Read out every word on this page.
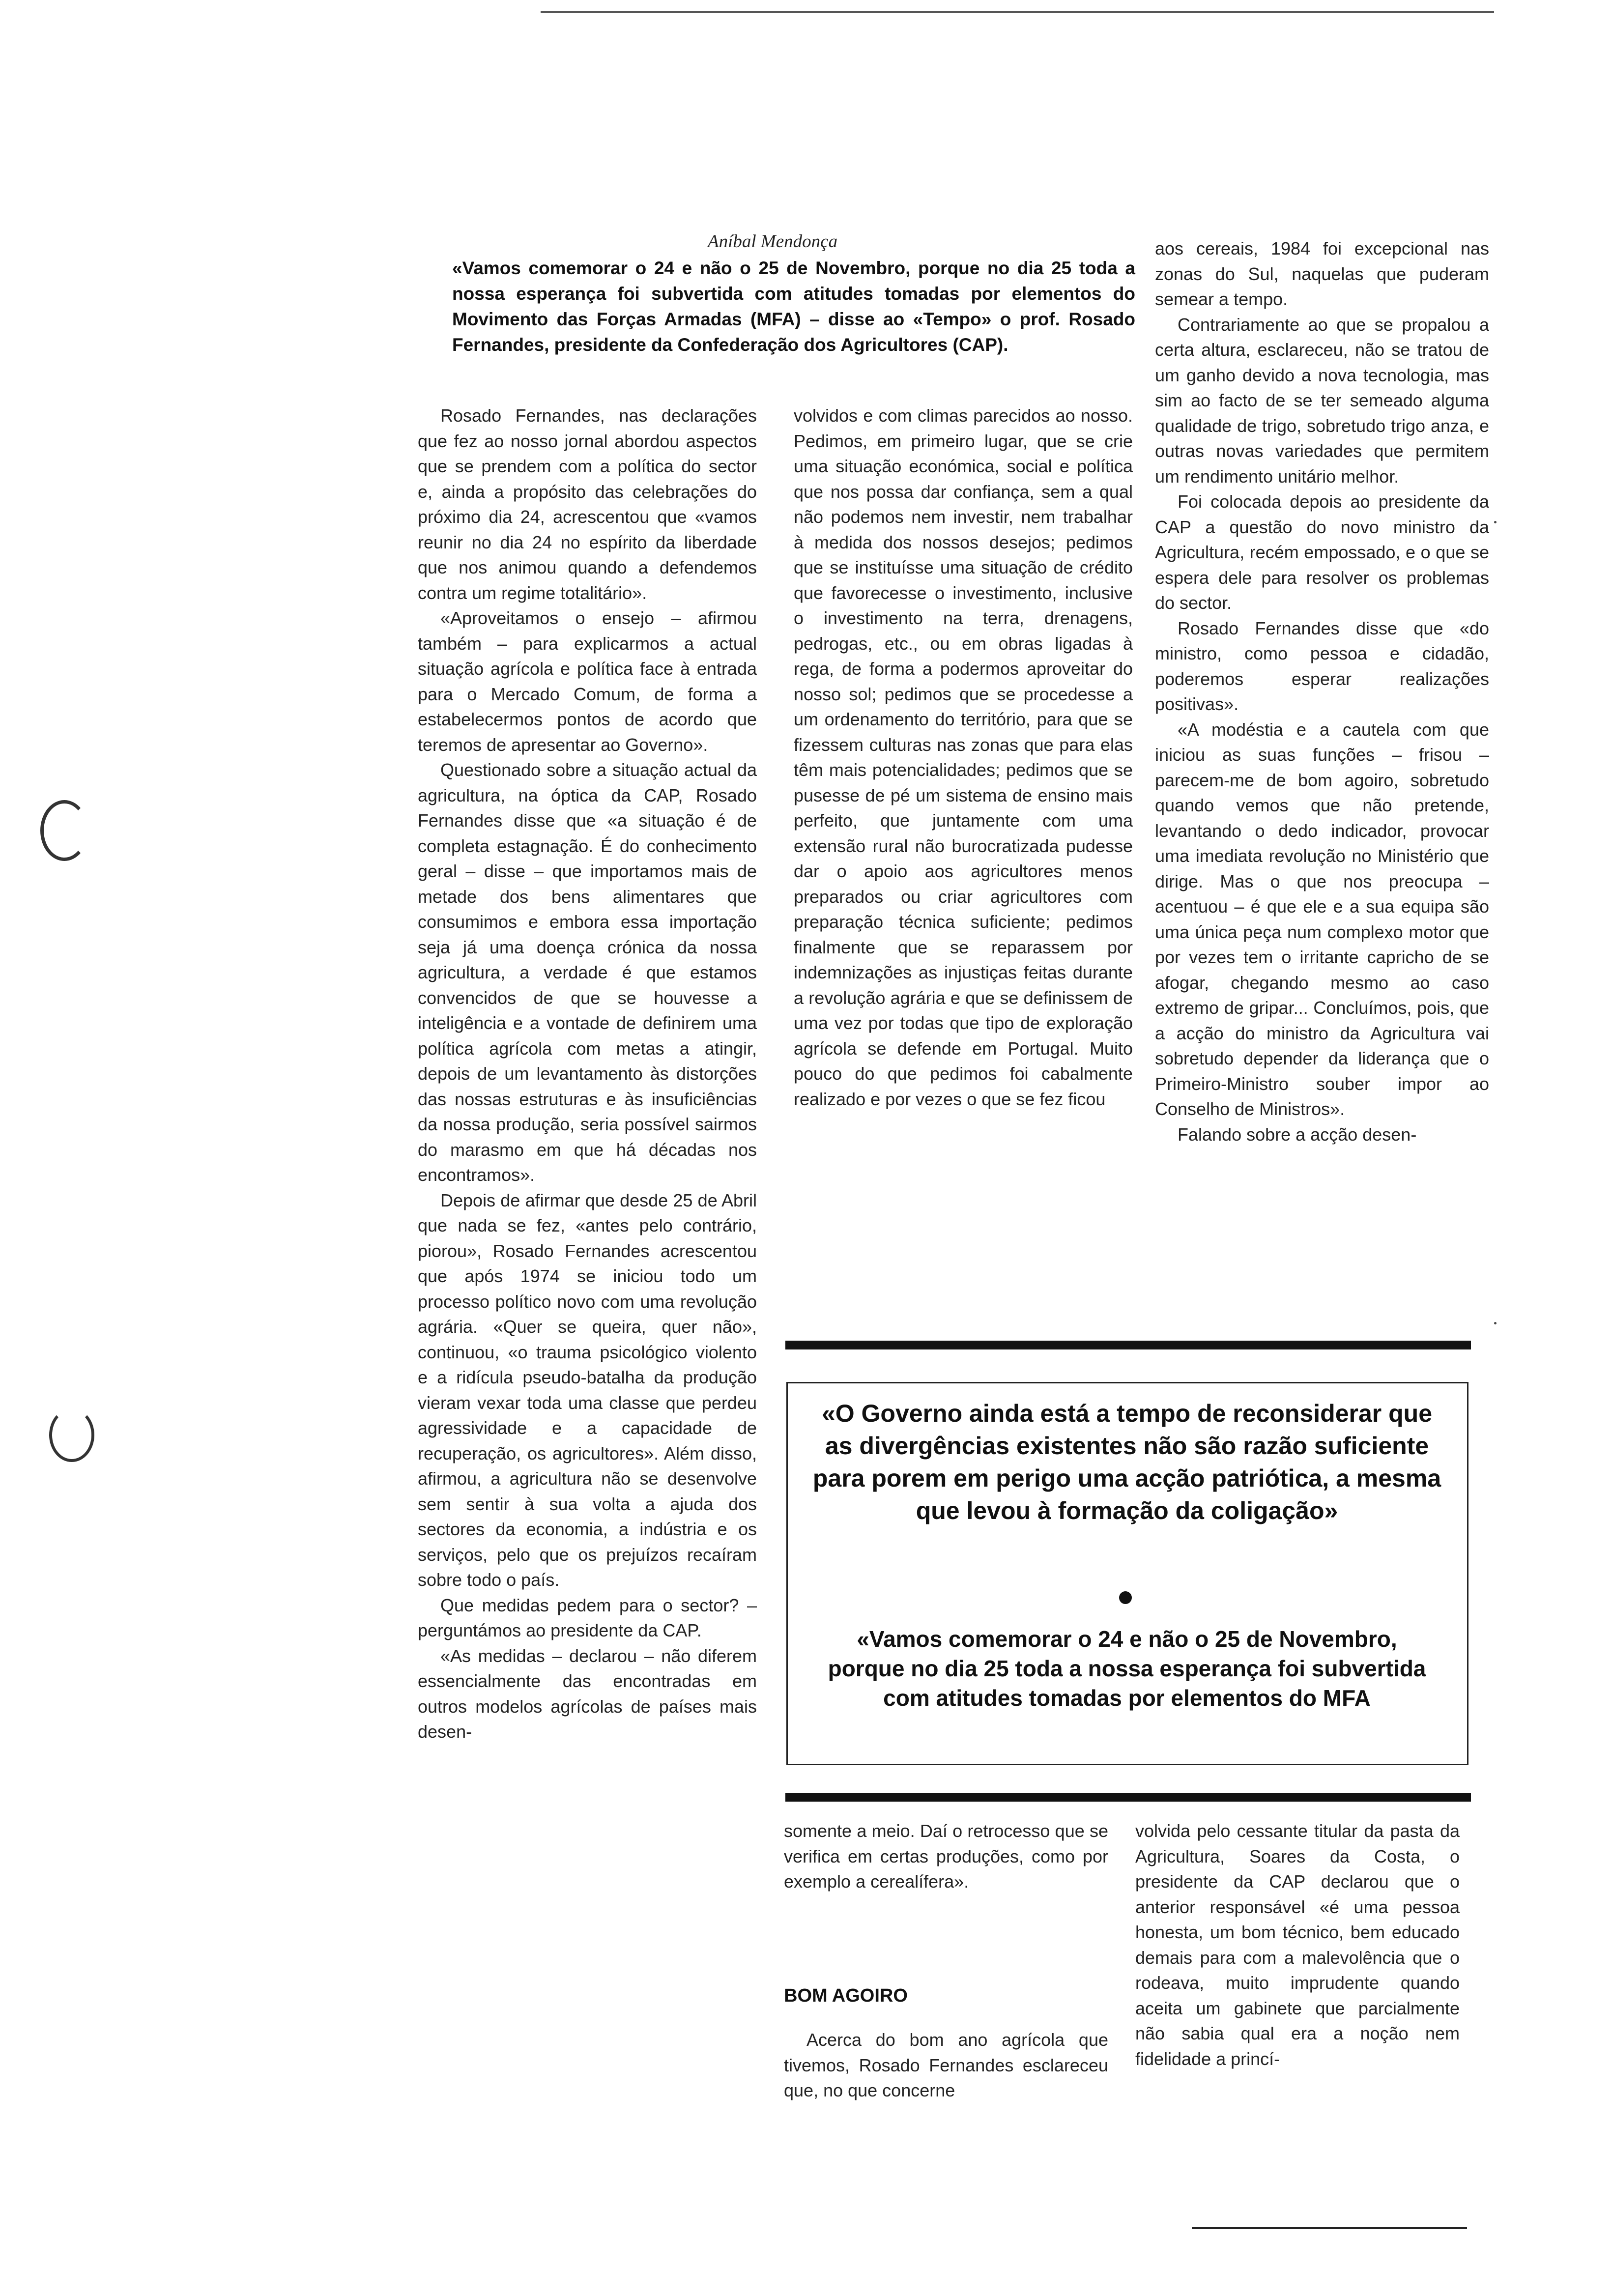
Aníbal Mendonça
«Vamos comemorar o 24 e não o 25 de Novembro, porque no dia 25 toda a nossa esperança foi subvertida com atitudes tomadas por elementos do Movimento das Forças Armadas (MFA) – disse ao «Tempo» o prof. Rosado Fernandes, presidente da Confederação dos Agricultores (CAP).

Rosado Fernandes, nas declarações que fez ao nosso jornal abordou aspectos que se prendem com a política do sector e, ainda a propósito das celebrações do próximo dia 24, acrescentou que «vamos reunir no dia 24 no espírito da liberdade que nos animou quando a defendemos contra um regime totalitário».

«Aproveitamos o ensejo – afirmou também – para explicarmos a actual situação agrícola e política face à entrada para o Mercado Comum, de forma a estabelecermos pontos de acordo que teremos de apresentar ao Governo».

Questionado sobre a situação actual da agricultura, na óptica da CAP, Rosado Fernandes disse que «a situação é de completa estagnação. É do conhecimento geral – disse – que importamos mais de metade dos bens alimentares que consumimos e embora essa importação seja já uma doença crónica da nossa agricultura, a verdade é que estamos convencidos de que se houvesse a inteligência e a vontade de definirem uma política agrícola com metas a atingir, depois de um levantamento às distorções das nossas estruturas e às insuficiências da nossa produção, seria possível sairmos do marasmo em que há décadas nos encontramos».

Depois de afirmar que desde 25 de Abril que nada se fez, «antes pelo contrário, piorou», Rosado Fernandes acrescentou que após 1974 se iniciou todo um processo político novo com uma revolução agrária. «Quer se queira, quer não», continuou, «o trauma psicológico violento e a ridícula pseudo-batalha da produção vieram vexar toda uma classe que perdeu agressividade e a capacidade de recuperação, os agricultores». Além disso, afirmou, a agricultura não se desenvolve sem sentir à sua volta a ajuda dos sectores da economia, a indústria e os serviços, pelo que os prejuízos recaíram sobre todo o país.

Que medidas pedem para o sector? – perguntámos ao presidente da CAP.

«As medidas – declarou – não diferem essencialmente das encontradas em outros modelos agrícolas de países mais desen-

volvidos e com climas parecidos ao nosso. Pedimos, em primeiro lugar, que se crie uma situação económica, social e política que nos possa dar confiança, sem a qual não podemos nem investir, nem trabalhar à medida dos nossos desejos; pedimos que se instituísse uma situação de crédito que favorecesse o investimento, inclusive o investimento na terra, drenagens, pedrogas, etc., ou em obras ligadas à rega, de forma a podermos aproveitar do nosso sol; pedimos que se procedesse a um ordenamento do território, para que se fizessem culturas nas zonas que para elas têm mais potencialidades; pedimos que se pusesse de pé um sistema de ensino mais perfeito, que juntamente com uma extensão rural não burocratizada pudesse dar o apoio aos agricultores menos preparados ou criar agricultores com preparação técnica suficiente; pedimos finalmente que se reparassem por indemnizações as injustiças feitas durante a revolução agrária e que se definissem de uma vez por todas que tipo de exploração agrícola se defende em Portugal. Muito pouco do que pedimos foi cabalmente realizado e por vezes o que se fez ficou

aos cereais, 1984 foi excepcional nas zonas do Sul, naquelas que puderam semear a tempo.

Contrariamente ao que se propalou a certa altura, esclareceu, não se tratou de um ganho devido a nova tecnologia, mas sim ao facto de se ter semeado alguma qualidade de trigo, sobretudo trigo anza, e outras novas variedades que permitem um rendimento unitário melhor.

Foi colocada depois ao presidente da CAP a questão do novo ministro da Agricultura, recém empossado, e o que se espera dele para resolver os problemas do sector.

Rosado Fernandes disse que «do ministro, como pessoa e cidadão, poderemos esperar realizações positivas».

«A modéstia e a cautela com que iniciou as suas funções – frisou – parecem-me de bom agoiro, sobretudo quando vemos que não pretende, levantando o dedo indicador, provocar uma imediata revolução no Ministério que dirige. Mas o que nos preocupa – acentuou – é que ele e a sua equipa são uma única peça num complexo motor que por vezes tem o irritante capricho de se afogar, chegando mesmo ao caso extremo de gripar... Concluímos, pois, que a acção do ministro da Agricultura vai sobretudo depender da liderança que o Primeiro-Ministro souber impor ao Conselho de Ministros».

Falando sobre a acção desen-

«O Governo ainda está a tempo de reconsiderar que as divergências existentes não são razão suficiente para porem em perigo uma acção patriótica, a mesma que levou à formação da coligação»
«Vamos comemorar o 24 e não o 25 de Novembro, porque no dia 25 toda a nossa esperança foi subvertida com atitudes tomadas por elementos do MFA

somente a meio. Daí o retrocesso que se verifica em certas produções, como por exemplo a cerealífera».

BOM AGOIRO

Acerca do bom ano agrícola que tivemos, Rosado Fernandes esclareceu que, no que concerne

volvida pelo cessante titular da pasta da Agricultura, Soares da Costa, o presidente da CAP declarou que o anterior responsável «é uma pessoa honesta, um bom técnico, bem educado demais para com a malevolência que o rodeava, muito imprudente quando aceita um gabinete que parcialmente não sabia qual era a noção nem fidelidade a princí-
